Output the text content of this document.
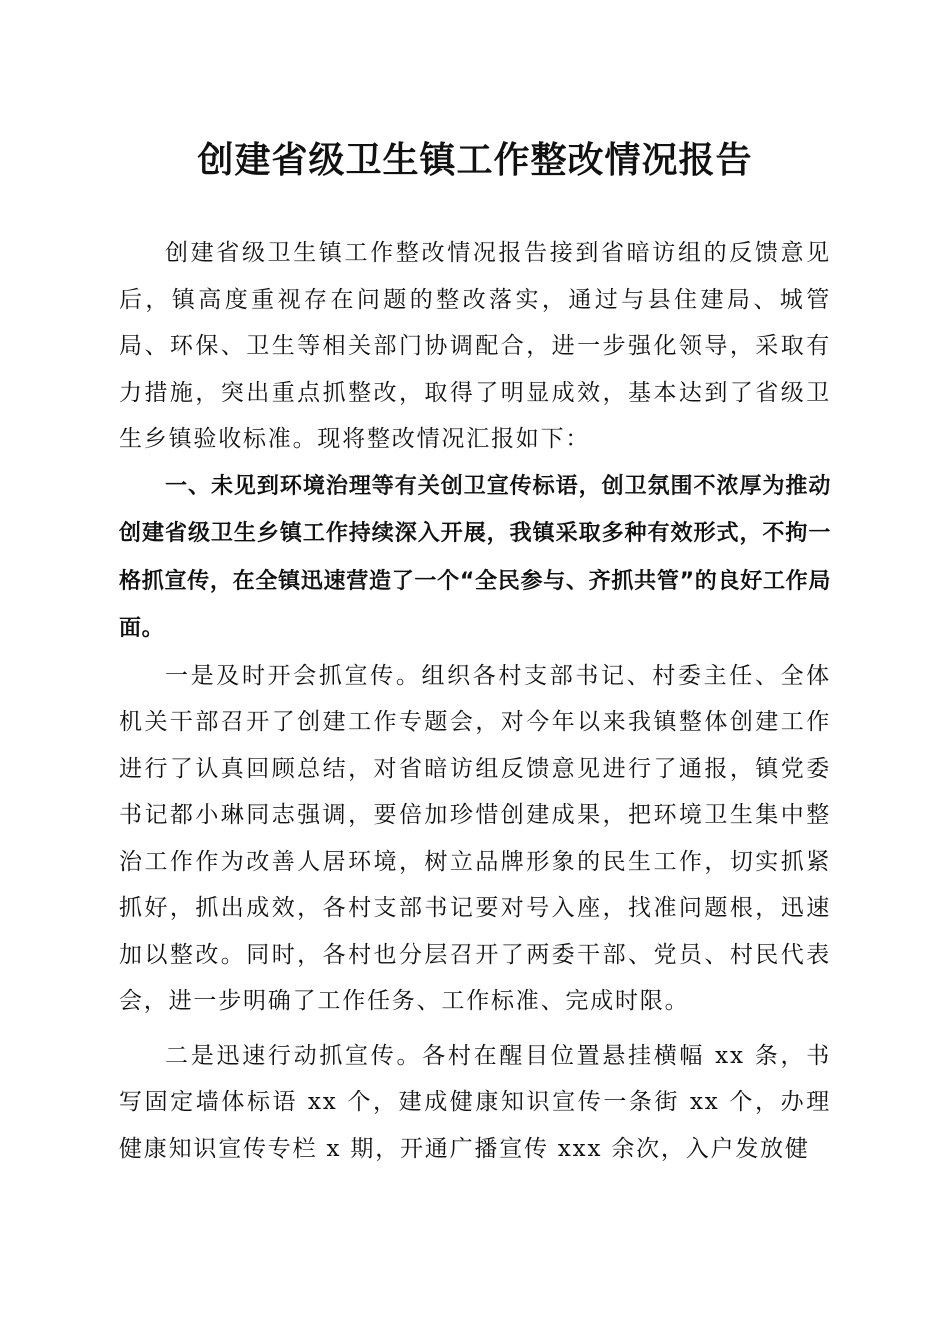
创建省级卫生镇工作整改情况报告

创建省级卫生镇工作整改情况报告接到省暗访组的反馈意见后，镇高度重视存在问题的整改落实，通过与县住建局、城管局、环保、卫生等相关部门协调配合，进一步强化领导，采取有力措施，突出重点抓整改，取得了明显成效，基本达到了省级卫生乡镇验收标准。现将整改情况汇报如下：

一、未见到环境治理等有关创卫宣传标语，创卫氛围不浓厚为推动创建省级卫生乡镇工作持续深入开展，我镇采取多种有效形式，不拘一格抓宣传，在全镇迅速营造了一个“全民参与、齐抓共管”的良好工作局面。

一是及时开会抓宣传。组织各村支部书记、村委主任、全体机关干部召开了创建工作专题会，对今年以来我镇整体创建工作进行了认真回顾总结，对省暗访组反馈意见进行了通报，镇党委书记都小琳同志强调，要倍加珍惜创建成果，把环境卫生集中整治工作作为改善人居环境，树立品牌形象的民生工作，切实抓紧抓好，抓出成效，各村支部书记要对号入座，找准问题根，迅速加以整改。同时，各村也分层召开了两委干部、党员、村民代表会，进一步明确了工作任务、工作标准、完成时限。

二是迅速行动抓宣传。各村在醒目位置悬挂横幅 xx 条，书写固定墙体标语 xx 个，建成健康知识宣传一条街 xx 个，办理健康知识宣传专栏 x 期，开通广播宣传 xxx 余次，入户发放健
